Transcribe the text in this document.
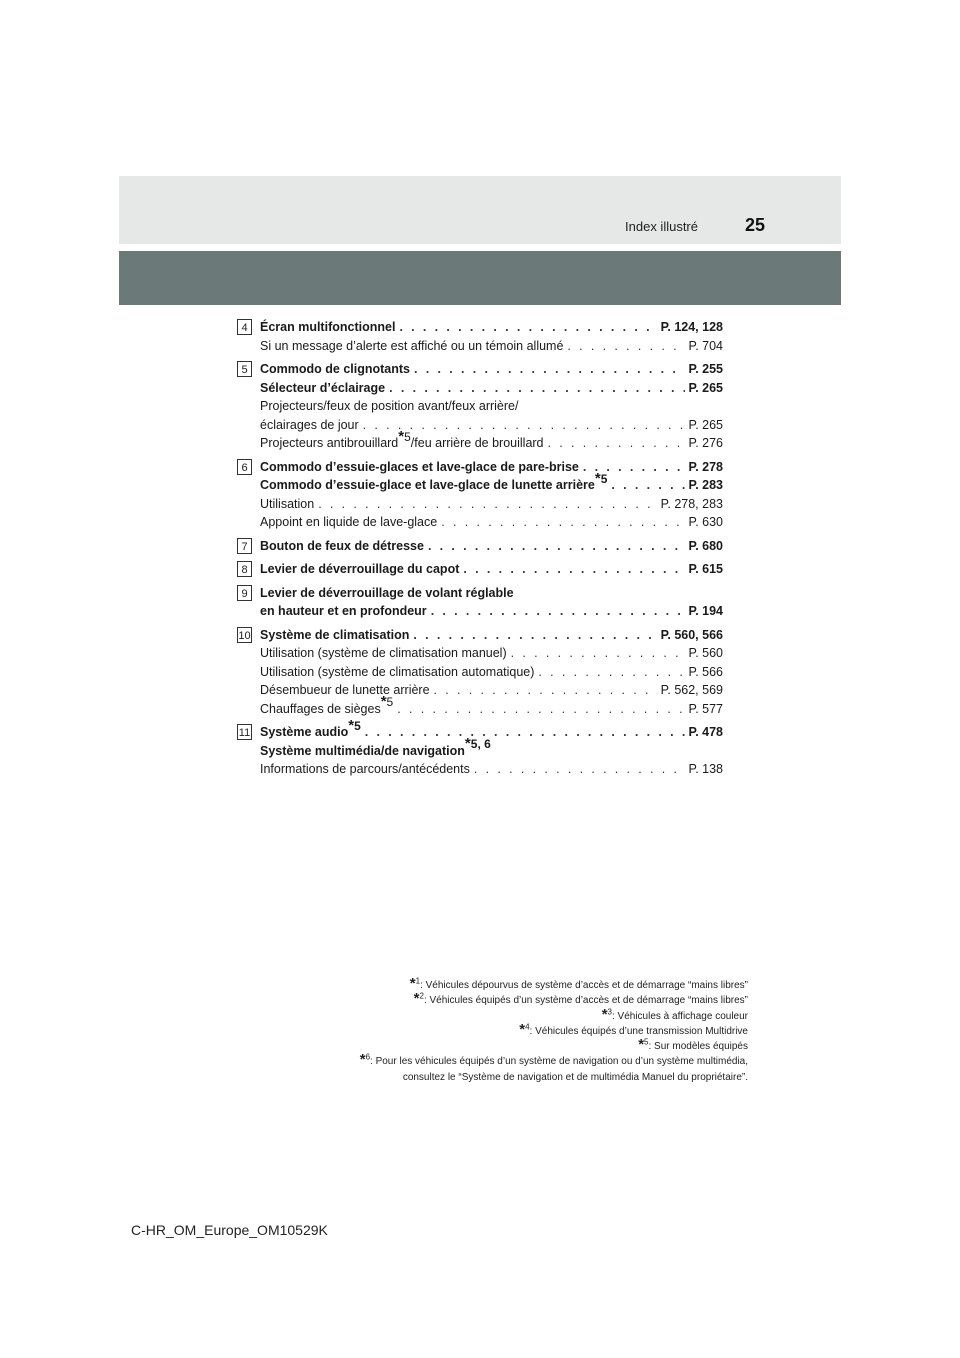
Index illustré	25
4 Écran multifonctionnel . . .	P. 124, 128
Si un message d’alerte est affiché ou un témoin allumé . . .	P. 704
5 Commodo de clignotants . . .	P. 255
Sélecteur d’éclairage . . .	P. 265
Projecteurs/feux de position avant/feux arrière/
éclairages de jour . . .	P. 265
Projecteurs antibrouillard$^{*5}$/feu arrière de brouillard . . .	P. 276
6 Commodo d’essuie-glaces et lave-glace de pare-brise . . .	P. 278
Commodo d’essuie-glace et lave-glace de lunette arrière$^{*5}$ . . .	P. 283
Utilisation . . .	P. 278, 283
Appoint en liquide de lave-glace . . .	P. 630
7 Bouton de feux de détresse . . .	P. 680
8 Levier de déverrouillage du capot . . .	P. 615
9 Levier de déverrouillage de volant réglable
en hauteur et en profondeur . . .	P. 194
10 Système de climatisation . . .	P. 560, 566
Utilisation (système de climatisation manuel) . . .	P. 560
Utilisation (système de climatisation automatique) . . .	P. 566
Désembueur de lunette arrière . . .	P. 562, 569
Chauffages de sièges$^{*5}$ . . .	P. 577
11 Système audio$^{*5}$ . . .	P. 478
Système multimédia/de navigation$^{*5, 6}$
Informations de parcours/antécédents . . .	P. 138
*$^1$: Véhicules dépourvus de système d’accès et de démarrage “mains libres”
*$^2$: Véhicules équipés d’un système d’accès et de démarrage “mains libres”
*$^3$: Véhicules à affichage couleur
*$^4$: Véhicules équipés d’une transmission Multidrive
*$^5$: Sur modèles équipés
*$^6$: Pour les véhicules équipés d’un système de navigation ou d’un système multimédia,
consultez le “Système de navigation et de multimédia Manuel du propriétaire”.
C-HR_OM_Europe_OM10529K
